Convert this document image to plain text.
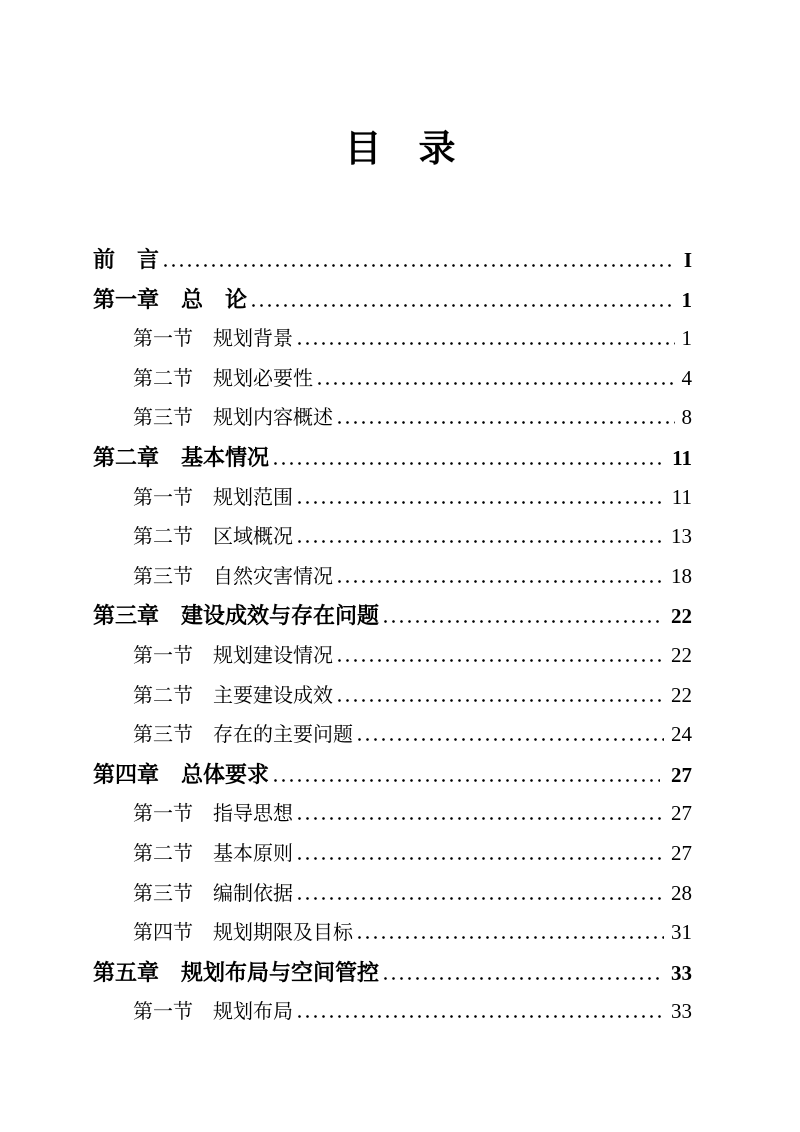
目　录
前　言	I
第一章　总　论	1
第一节　规划背景	1
第二节　规划必要性	4
第三节　规划内容概述	8
第二章　基本情况	11
第一节　规划范围	11
第二节　区域概况	13
第三节　自然灾害情况	18
第三章　建设成效与存在问题	22
第一节　规划建设情况	22
第二节　主要建设成效	22
第三节　存在的主要问题	24
第四章　总体要求	27
第一节　指导思想	27
第二节　基本原则	27
第三节　编制依据	28
第四节　规划期限及目标	31
第五章　规划布局与空间管控	33
第一节　规划布局	33
